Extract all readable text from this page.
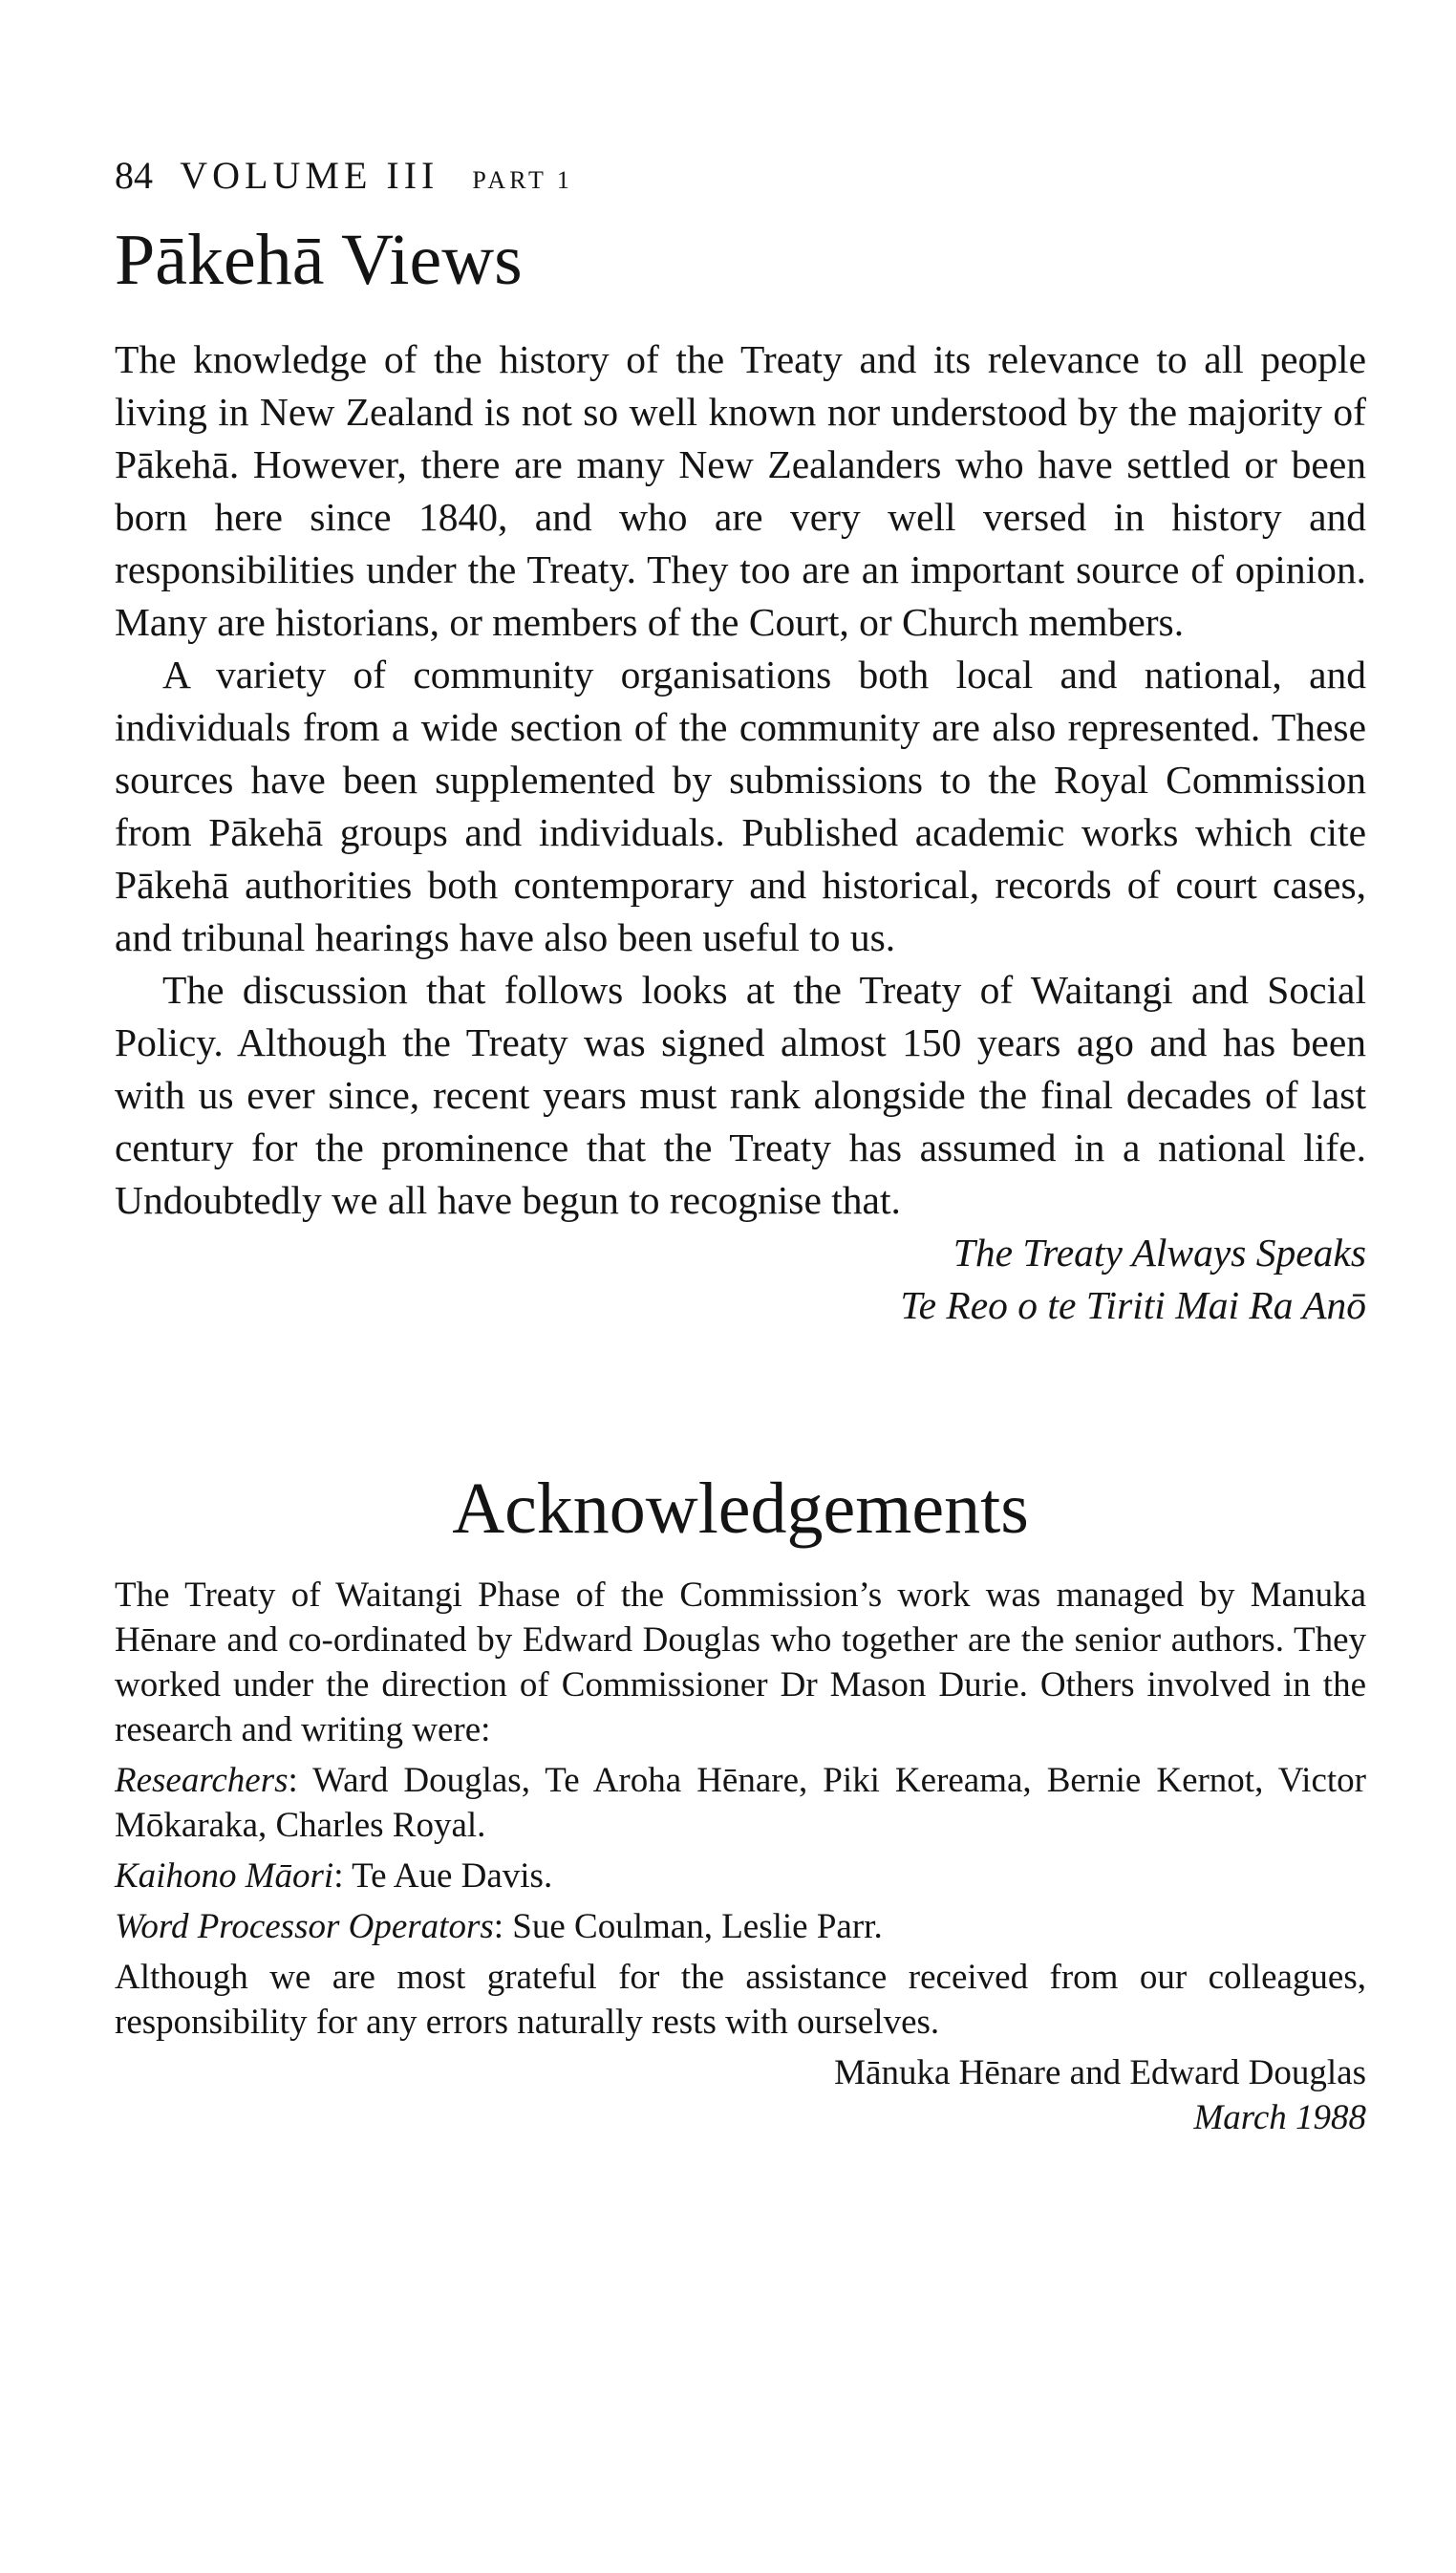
84 VOLUME III PART 1
Pākehā Views

The knowledge of the history of the Treaty and its relevance to all people living in New Zealand is not so well known nor understood by the majority of Pākehā. However, there are many New Zealanders who have settled or been born here since 1840, and who are very well versed in history and responsibilities under the Treaty. They too are an important source of opinion. Many are historians, or members of the Court, or Church members.

A variety of community organisations both local and national, and individuals from a wide section of the community are also represented. These sources have been supplemented by submissions to the Royal Commission from Pākehā groups and individuals. Published academic works which cite Pākehā authorities both contemporary and historical, records of court cases, and tribunal hearings have also been useful to us.

The discussion that follows looks at the Treaty of Waitangi and Social Policy. Although the Treaty was signed almost 150 years ago and has been with us ever since, recent years must rank alongside the final decades of last century for the prominence that the Treaty has assumed in a national life. Undoubtedly we all have begun to recognise that.

The Treaty Always Speaks

Te Reo o te Tiriti Mai Ra Anō

Acknowledgements

The Treaty of Waitangi Phase of the Commission’s work was managed by Manuka Hēnare and co-ordinated by Edward Douglas who together are the senior authors. They worked under the direction of Commissioner Dr Mason Durie. Others involved in the research and writing were:

Researchers: Ward Douglas, Te Aroha Hēnare, Piki Kereama, Bernie Kernot, Victor Mōkaraka, Charles Royal.

Kaihono Māori: Te Aue Davis.

Word Processor Operators: Sue Coulman, Leslie Parr.

Although we are most grateful for the assistance received from our colleagues, responsibility for any errors naturally rests with ourselves.

Mānuka Hēnare and Edward Douglas

March 1988
